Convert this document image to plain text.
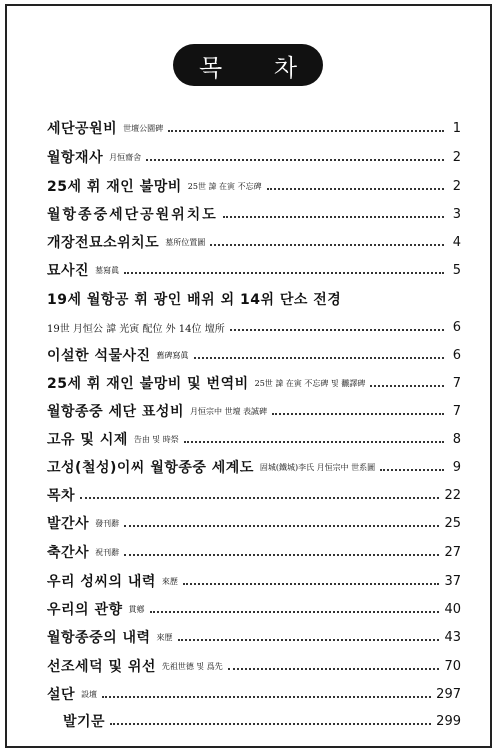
목 차
세단공원비 世壇公園碑	1
월항재사 月恒齋舍	2
25세 휘 재인 불망비 25世 諱 在寅 不忘碑	2
월항종중세단공원위치도	3
개장전묘소위치도 墓所位置圖	4
묘사진 墓寫眞	5
19세 월항공 휘 광인 배위 외 14위 단소 전경
19世 月恒公 諱 光寅 配位 外 14位 壇所	6
이설한 석물사진 舊碑寫眞	6
25세 휘 재인 불망비 및 번역비 25世 諱 在寅 不忘碑 및 飜譯碑	7
월항종중 세단 표성비 月恒宗中 世壇 表誠碑	7
고유 및 시제 告由 및 時祭	8
고성(철성)이씨 월항종중 세계도 固城(鐵城)李氏 月恒宗中 世系圖	9
목차	22
발간사 發刊辭	25
축간사 祝刊辭	27
우리 성씨의 내력 來歷	37
우리의 관향 貫鄕	40
월항종중의 내력 來歷	43
선조세덕 및 위선 先祖世德 및 爲先	70
설단 設壇	297
발기문	299
